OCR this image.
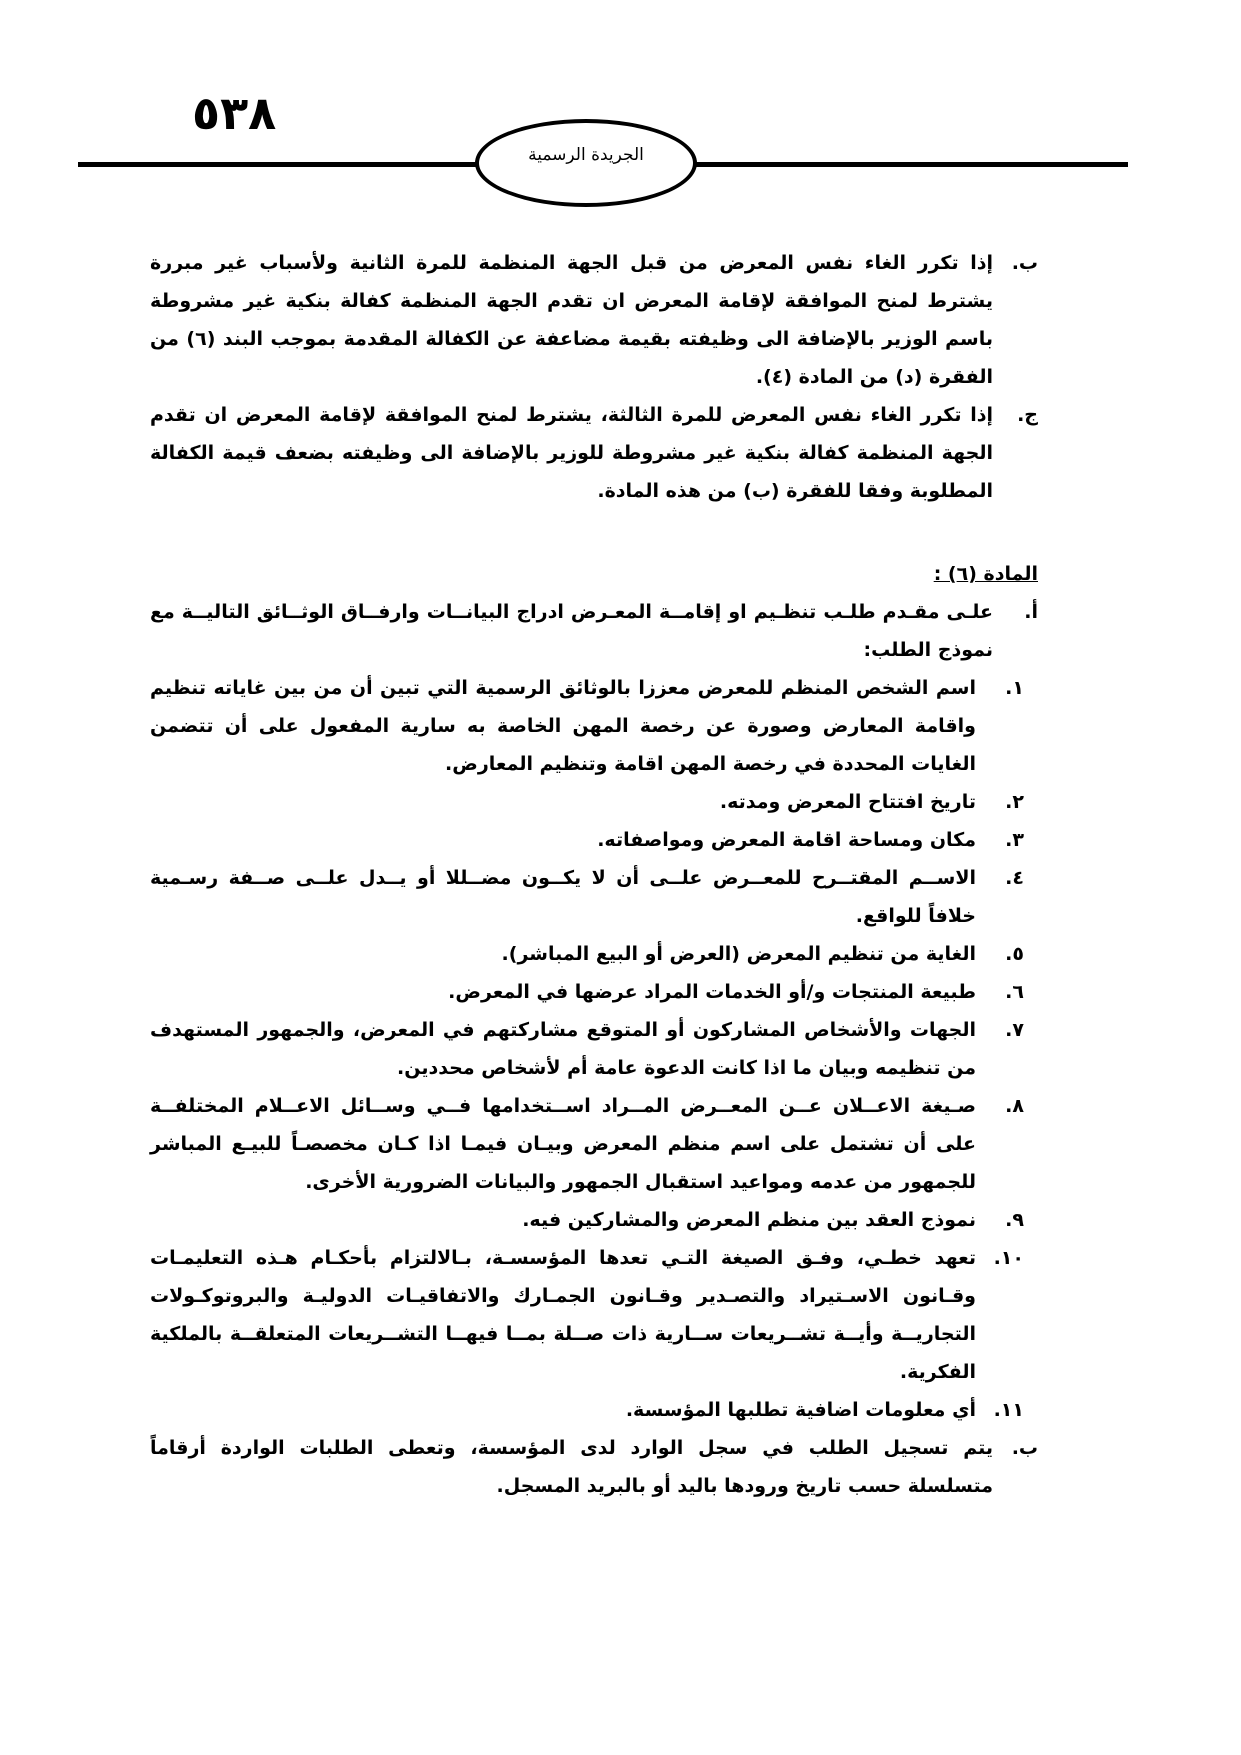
٥٣٨
الجريدة الرسمية
ب.
إذا تكرر الغاء نفس المعرض من قبل الجهة المنظمة للمرة الثانية ولأسباب غير مبررة يشترط لمنح الموافقة لإقامة المعرض ان تقدم الجهة المنظمة كفالة بنكية غير مشروطة باسم الوزير بالإضافة الى وظيفته بقيمة مضاعفة عن الكفالة المقدمة بموجب البند (٦) من الفقرة (د) من المادة (٤).
ج.
إذا تكرر الغاء نفس المعرض للمرة الثالثة، يشترط لمنح الموافقة لإقامة المعرض ان تقدم الجهة المنظمة كفالة بنكية غير مشروطة للوزير بالإضافة الى وظيفته بضعف قيمة الكفالة المطلوبة وفقا للفقرة (ب) من هذه المادة.
المادة (٦) :
أ.
علـى مقـدم طلـب تنظـيم او إقامــة المعـرض ادراج البيانــات وارفــاق الوثــائق التاليــة مع نموذج الطلب:
١.
اسم الشخص المنظم للمعرض معززا بالوثائق الرسمية التي تبين أن من بين غاياته تنظيم واقامة المعارض وصورة عن رخصة المهن الخاصة به سارية المفعول على أن تتضمن الغايات المحددة في رخصة المهن اقامة وتنظيم المعارض.
٢.
تاريخ افتتاح المعرض ومدته.
٣.
مكان ومساحة اقامة المعرض ومواصفاته.
٤.
الاســم المقتــرح للمعــرض علــى أن لا يكــون مضــللا أو يــدل علــى صــفة رسـمية خلافاً للواقع.
٥.
الغاية من تنظيم المعرض (العرض أو البيع المباشر).
٦.
طبيعة المنتجات و/أو الخدمات المراد عرضها في المعرض.
٧.
الجهات والأشخاص المشاركون أو المتوقع مشاركتهم في المعرض، والجمهور المستهدف من تنظيمه وبيان ما اذا كانت الدعوة عامة أم لأشخاص محددين.
٨.
صـيغة الاعــلان عــن المعــرض المــراد اســتخدامها فــي وســائل الاعــلام المختلفــة على أن تشتمل على اسم منظم المعرض وبيـان فيمـا اذا كـان مخصصـاً للبيـع المباشر للجمهور من عدمه ومواعيد استقبال الجمهور والبيانات الضرورية الأخرى.
٩.
نموذج العقد بين منظم المعرض والمشاركين فيه.
١٠.
تعهد خطـي، وفـق الصيغة التـي تعدها المؤسسـة، بـالالتزام بأحكـام هـذه التعليمـات وقـانون الاسـتيراد والتصـدير وقـانون الجمـارك والاتفاقيـات الدوليـة والبروتوكـولات التجاريــة وأيــة تشــريعات ســارية ذات صــلة بمــا فيهــا التشــريعات المتعلقــة بالملكية الفكرية.
١١.
أي معلومات اضافية تطلبها المؤسسة.
ب.
يتم تسجيل الطلب في سجل الوارد لدى المؤسسة، وتعطى الطلبات الواردة أرقاماً متسلسلة حسب تاريخ ورودها باليد أو بالبريد المسجل.
